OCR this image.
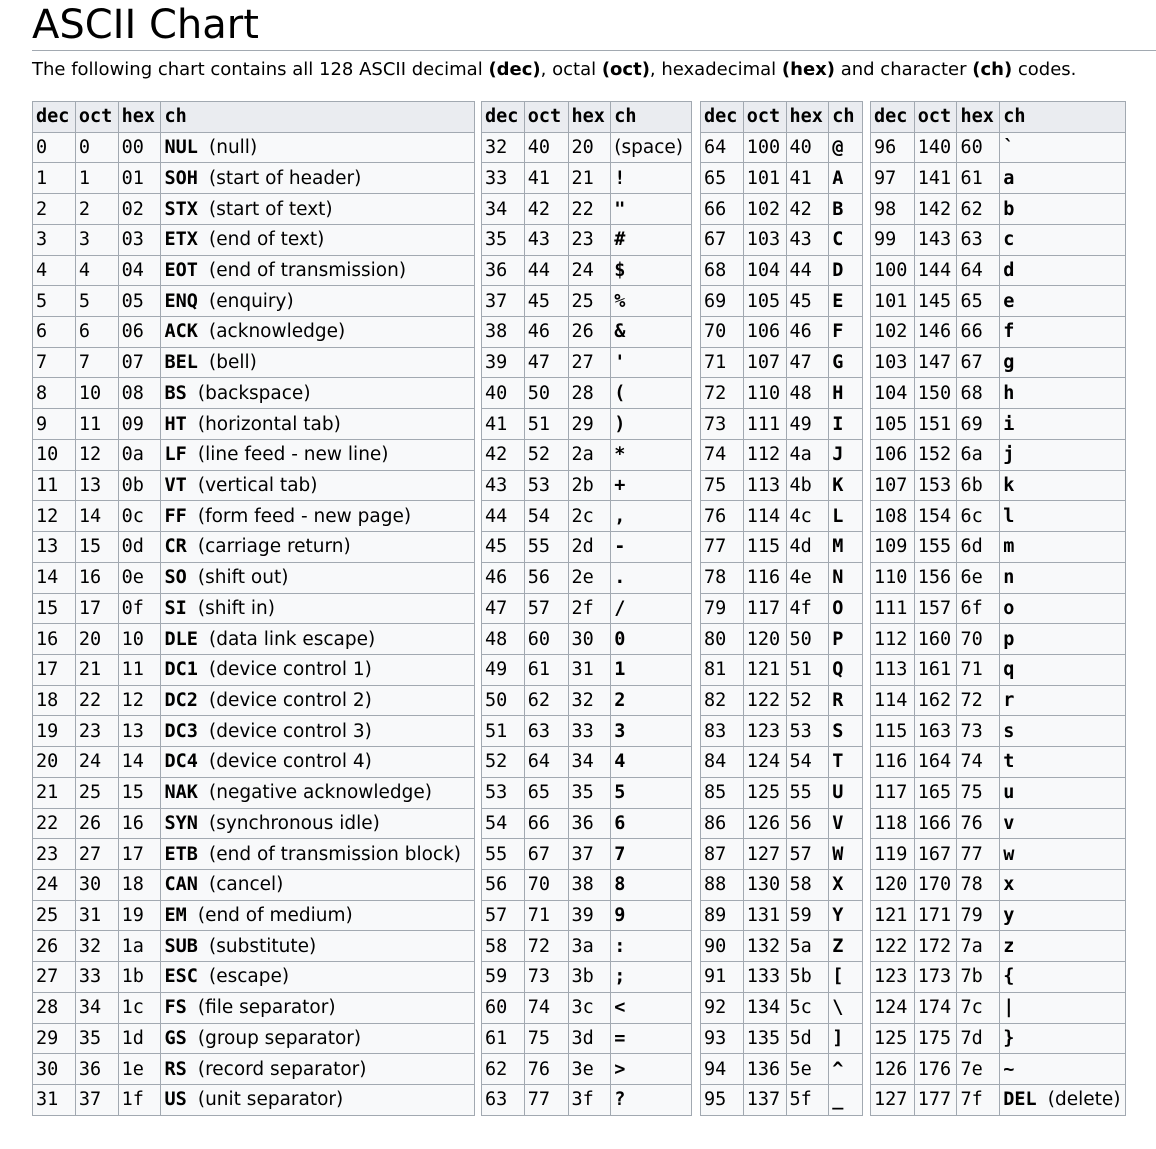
ASCII Chart

The following chart contains all 128 ASCII decimal (dec), octal (oct), hexadecimal (hex) and character (ch) codes.

dec	oct	hex	ch
0	0	00	NUL (null)
1	1	01	SOH (start of header)
2	2	02	STX (start of text)
3	3	03	ETX (end of text)
4	4	04	EOT (end of transmission)
5	5	05	ENQ (enquiry)
6	6	06	ACK (acknowledge)
7	7	07	BEL (bell)
8	10	08	BS (backspace)
9	11	09	HT (horizontal tab)
10	12	0a	LF (line feed - new line)
11	13	0b	VT (vertical tab)
12	14	0c	FF (form feed - new page)
13	15	0d	CR (carriage return)
14	16	0e	SO (shift out)
15	17	0f	SI (shift in)
16	20	10	DLE (data link escape)
17	21	11	DC1 (device control 1)
18	22	12	DC2 (device control 2)
19	23	13	DC3 (device control 3)
20	24	14	DC4 (device control 4)
21	25	15	NAK (negative acknowledge)
22	26	16	SYN (synchronous idle)
23	27	17	ETB (end of transmission block)
24	30	18	CAN (cancel)
25	31	19	EM (end of medium)
26	32	1a	SUB (substitute)
27	33	1b	ESC (escape)
28	34	1c	FS (file separator)
29	35	1d	GS (group separator)
30	36	1e	RS (record separator)
31	37	1f	US (unit separator)
dec	oct	hex	ch
32	40	20	(space)
33	41	21	!
34	42	22	"
35	43	23	#
36	44	24	$
37	45	25	%
38	46	26	&
39	47	27	'
40	50	28	(
41	51	29	)
42	52	2a	*
43	53	2b	+
44	54	2c	,
45	55	2d	-
46	56	2e	.
47	57	2f	/
48	60	30	0
49	61	31	1
50	62	32	2
51	63	33	3
52	64	34	4
53	65	35	5
54	66	36	6
55	67	37	7
56	70	38	8
57	71	39	9
58	72	3a	:
59	73	3b	;
60	74	3c	<
61	75	3d	=
62	76	3e	>
63	77	3f	?
dec	oct	hex	ch
64	100	40	@
65	101	41	A
66	102	42	B
67	103	43	C
68	104	44	D
69	105	45	E
70	106	46	F
71	107	47	G
72	110	48	H
73	111	49	I
74	112	4a	J
75	113	4b	K
76	114	4c	L
77	115	4d	M
78	116	4e	N
79	117	4f	O
80	120	50	P
81	121	51	Q
82	122	52	R
83	123	53	S
84	124	54	T
85	125	55	U
86	126	56	V
87	127	57	W
88	130	58	X
89	131	59	Y
90	132	5a	Z
91	133	5b	[
92	134	5c	\
93	135	5d	]
94	136	5e	^
95	137	5f	_
dec	oct	hex	ch
96	140	60	`
97	141	61	a
98	142	62	b
99	143	63	c
100	144	64	d
101	145	65	e
102	146	66	f
103	147	67	g
104	150	68	h
105	151	69	i
106	152	6a	j
107	153	6b	k
108	154	6c	l
109	155	6d	m
110	156	6e	n
111	157	6f	o
112	160	70	p
113	161	71	q
114	162	72	r
115	163	73	s
116	164	74	t
117	165	75	u
118	166	76	v
119	167	77	w
120	170	78	x
121	171	79	y
122	172	7a	z
123	173	7b	{
124	174	7c	|
125	175	7d	}
126	176	7e	~
127	177	7f	DEL (delete)
